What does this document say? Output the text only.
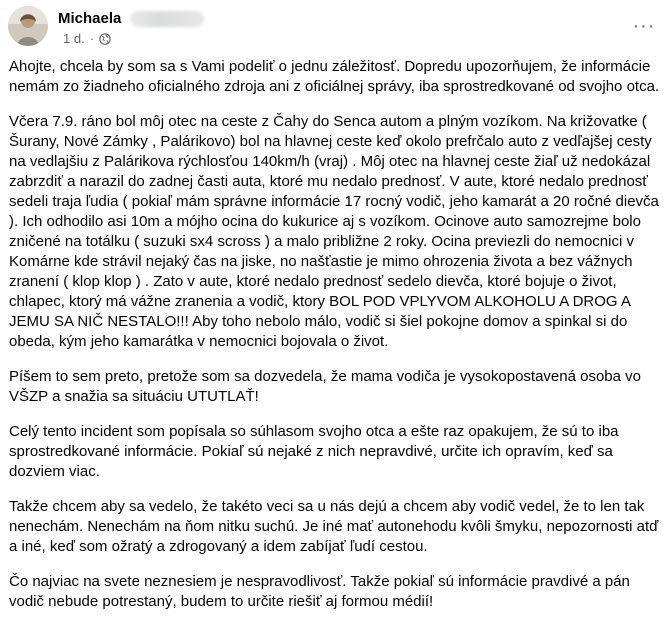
Michaela
1 d. ·
···

Ahojte, chcela by som sa s Vami podeliť o jednu záležitosť. Dopredu upozorňujem, že informácie nemám zo žiadneho oficialného zdroja ani z oficiálnej správy, iba sprostredkované od svojho otca.

Včera 7.9. ráno bol môj otec na ceste z Čahy do Senca autom a plným vozíkom. Na križovatke ( Šurany, Nové Zámky , Palárikovo) bol na hlavnej ceste keď okolo prefrčalo auto z vedľajšej cesty na vedlajšiu z Palárikova rýchlosťou 140km/h (vraj) . Môj otec na hlavnej ceste žiaľ už nedokázal zabrzdiť a narazil do zadnej časti auta, ktoré mu nedalo prednosť. V aute, ktoré nedalo prednosť sedeli traja ľudia ( pokiaľ mám správne informácie 17 rocný vodič, jeho kamarát a 20 ročné dievča ). Ich odhodilo asi 10m a mójho ocina do kukurice aj s vozíkom. Ocinove auto samozrejme bolo zničené na totálku ( suzuki sx4 scross ) a malo približne 2 roky. Ocina previezli do nemocnici v Komárne kde strávil nejaký čas na jiske, no našťastie je mimo ohrozenia života a bez vážnych zranení ( klop klop ) . Zato v aute, ktoré nedalo prednosť sedelo dievča, ktoré bojuje o život, chlapec, ktorý má vážne zranenia a vodič, ktory BOL POD VPLYVOM ALKOHOLU A DROG A JEMU SA NIČ NESTALO!!! Aby toho nebolo málo, vodič si šiel pokojne domov a spinkal si do obeda, kým jeho kamarátka v nemocnici bojovala o život.

Píšem to sem preto, pretože som sa dozvedela, že mama vodiča je vysokopostavená osoba vo VŠZP a snažia sa situáciu UTUTLAŤ!

Celý tento incident som popísala so súhlasom svojho otca a ešte raz opakujem, že sú to iba sprostredkované informácie. Pokiaľ sú nejaké z nich nepravdivé, určite ich opravím, keď sa dozviem viac.

Takže chcem aby sa vedelo, že takéto veci sa u nás dejú a chcem aby vodič vedel, že to len tak nenechám. Nenechám na ňom nitku suchú. Je iné mať autonehodu kvôli šmyku, nepozornosti atď a iné, keď som ožratý a zdrogovaný a idem zabíjať ľudí cestou.

Čo najviac na svete neznesiem je nespravodlivosť. Takže pokiaľ sú informácie pravdivé a pán vodič nebude potrestaný, budem to určite riešiť aj formou médií!
